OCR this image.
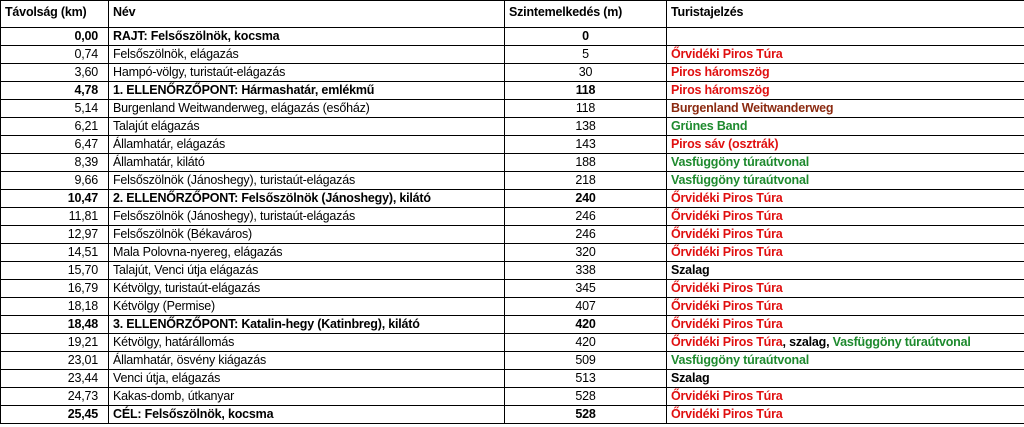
Távolság (km)	Név	Szintemelkedés (m)	Turistajelzés
0,00	RAJT: Felsőszölnök, kocsma	0	
0,74	Felsőszölnök, elágazás	5	Őrvidéki Piros Túra
3,60	Hampó-völgy, turistaút-elágazás	30	Piros háromszög
4,78	1. ELLENŐRZŐPONT: Hármashatár, emlékmű	118	Piros háromszög
5,14	Burgenland Weitwanderweg, elágazás (esőház)	118	Burgenland Weitwanderweg
6,21	Talajút elágazás	138	Grünes Band
6,47	Államhatár, elágazás	143	Piros sáv (osztrák)
8,39	Államhatár, kilátó	188	Vasfüggöny túraútvonal
9,66	Felsőszölnök (Jánoshegy), turistaút-elágazás	218	Vasfüggöny túraútvonal
10,47	2. ELLENŐRZŐPONT: Felsőszölnök (Jánoshegy), kilátó	240	Őrvidéki Piros Túra
11,81	Felsőszölnök (Jánoshegy), turistaút-elágazás	246	Őrvidéki Piros Túra
12,97	Felsőszölnök (Békaváros)	246	Őrvidéki Piros Túra
14,51	Mala Polovna-nyereg, elágazás	320	Őrvidéki Piros Túra
15,70	Talajút, Venci útja elágazás	338	Szalag
16,79	Kétvölgy, turistaút-elágazás	345	Őrvidéki Piros Túra
18,18	Kétvölgy (Permise)	407	Őrvidéki Piros Túra
18,48	3. ELLENŐRZŐPONT: Katalin-hegy (Katinbreg), kilátó	420	Őrvidéki Piros Túra
19,21	Kétvölgy, határállomás	420	Őrvidéki Piros Túra, szalag, Vasfüggöny túraútvonal
23,01	Államhatár, ösvény kiágazás	509	Vasfüggöny túraútvonal
23,44	Venci útja, elágazás	513	Szalag
24,73	Kakas-domb, útkanyar	528	Őrvidéki Piros Túra
25,45	CÉL: Felsőszölnök, kocsma	528	Őrvidéki Piros Túra
